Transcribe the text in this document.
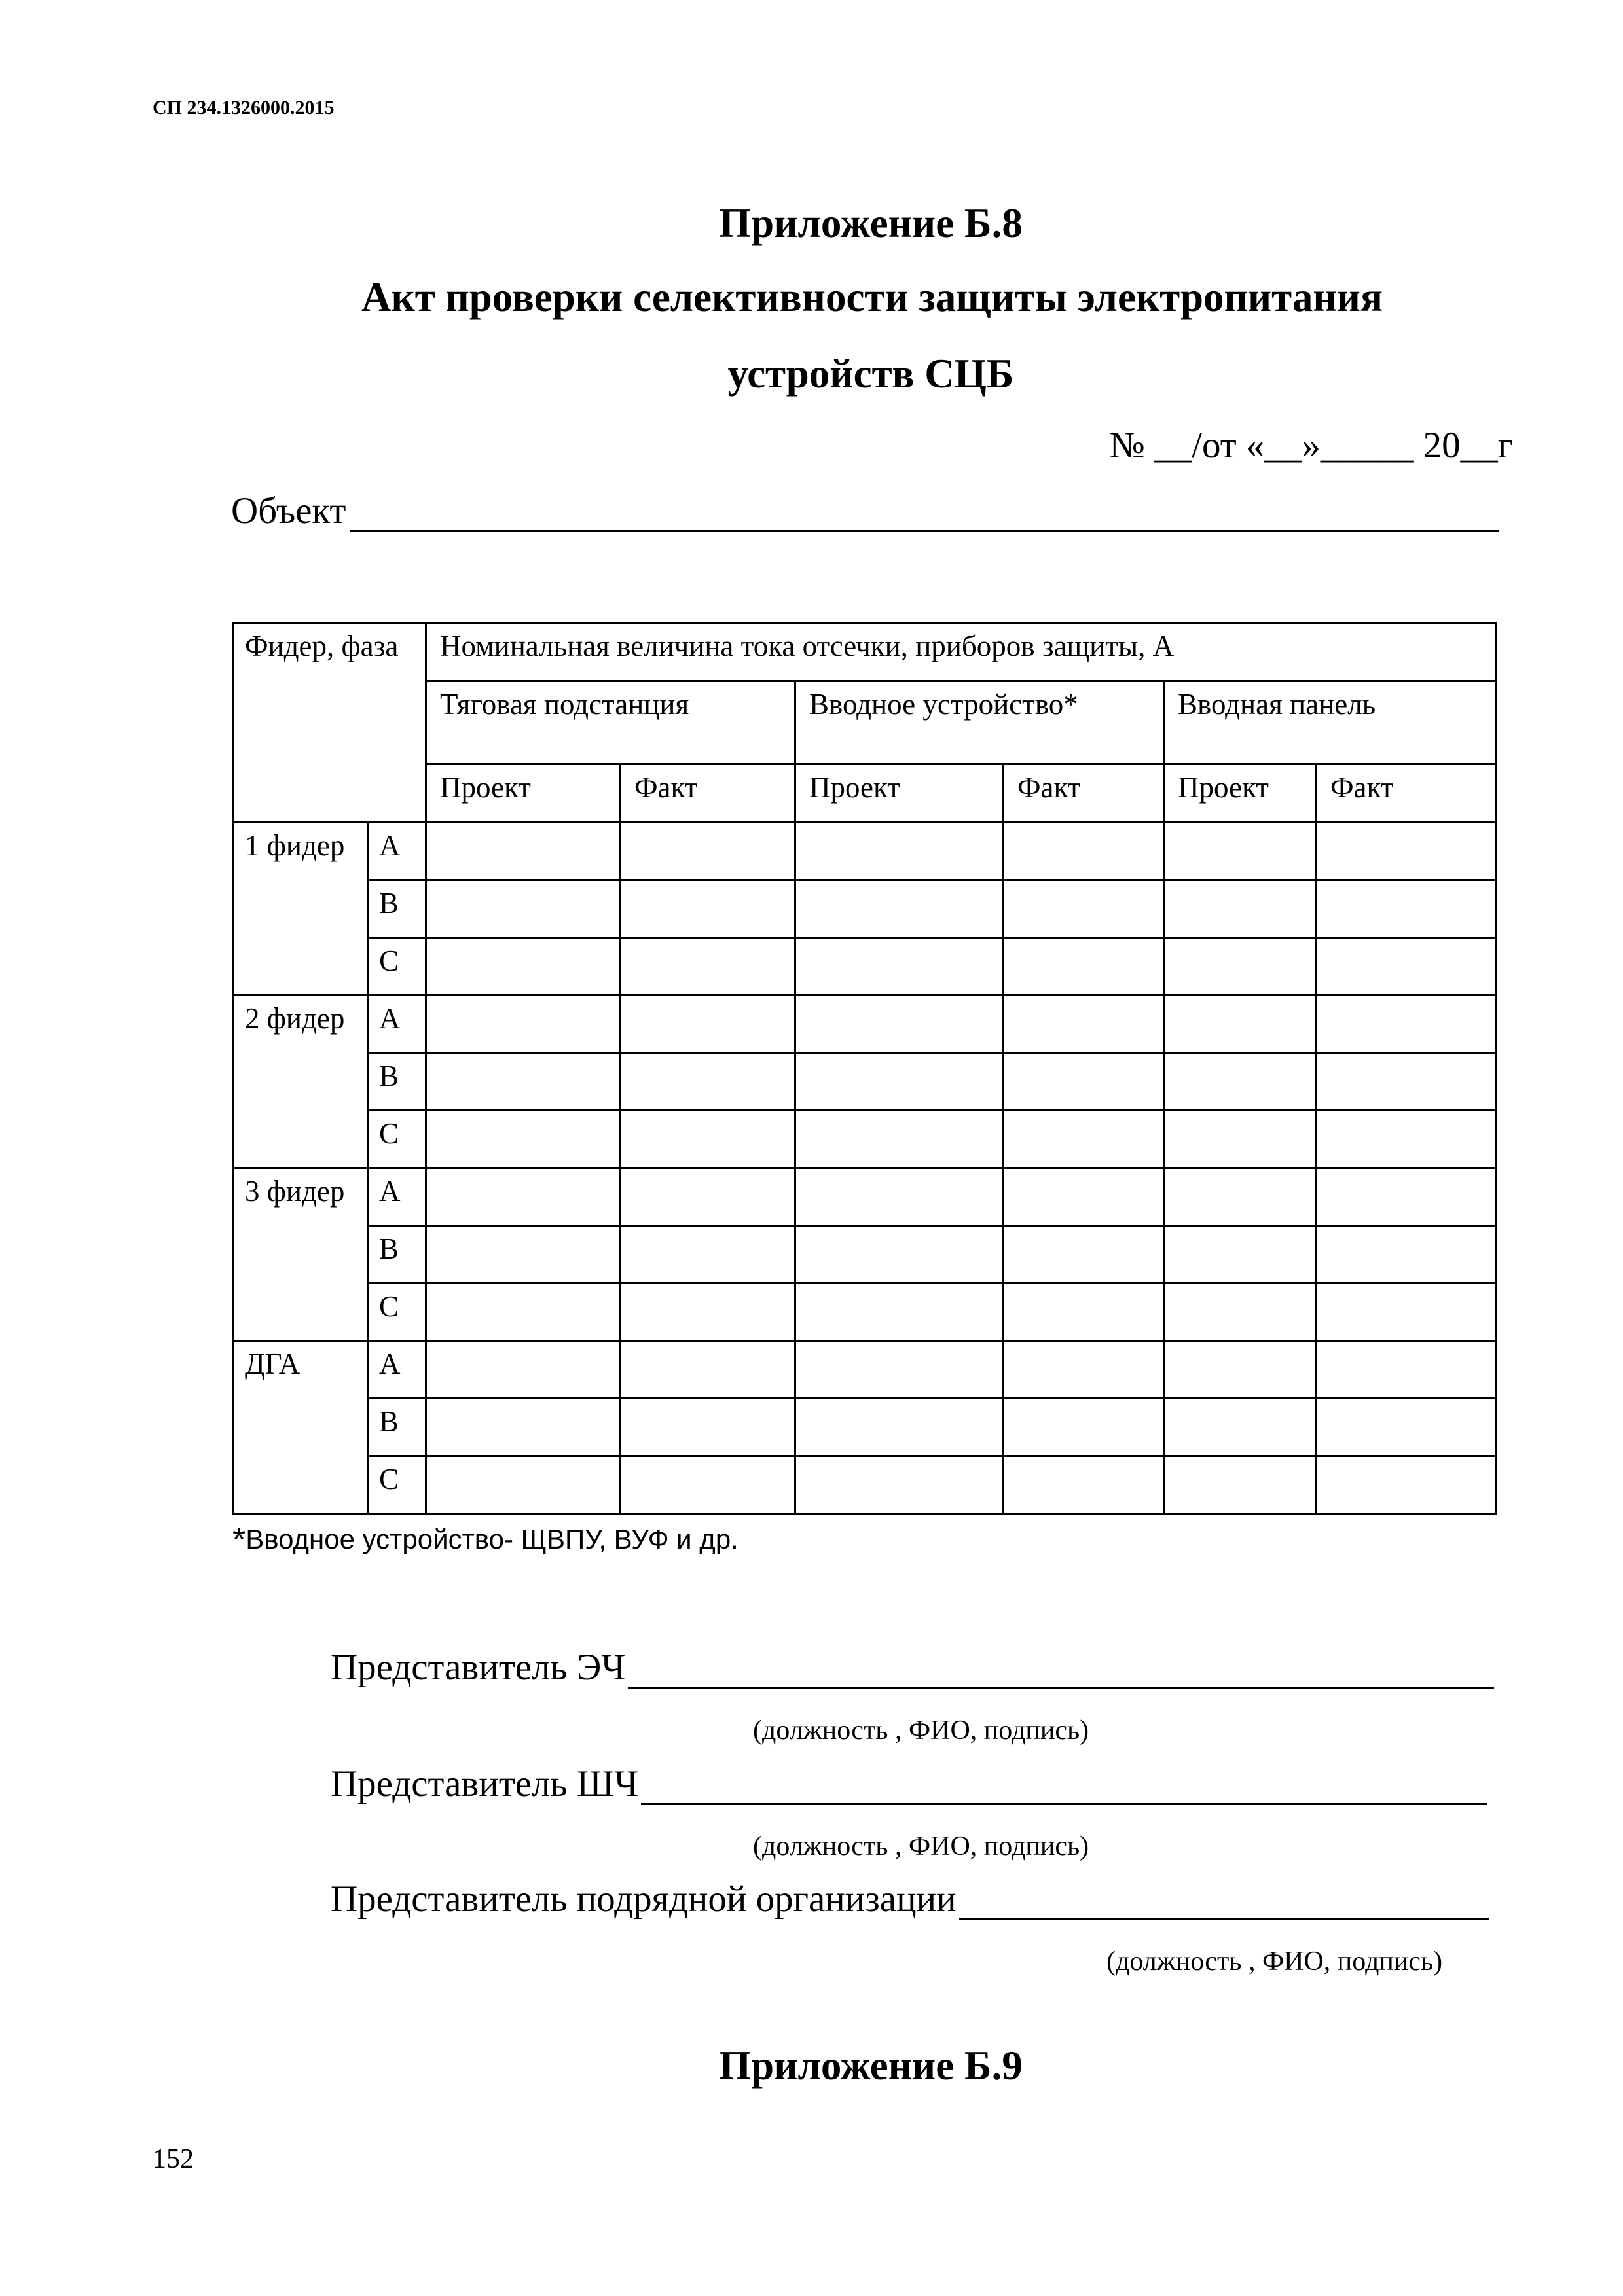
СП 234.1326000.2015
Приложение Б.8
Акт проверки селективности защиты электропитания
устройств СЦБ
№ __/от «__»_____ 20__г
Объект
Фидер, фаза		Номинальная величина тока отсечки, приборов защиты, А					
		Тяговая подстанция		Вводное устройство*		Вводная панель	
		Проект	Факт	Проект	Факт	Проект	Факт
1 фидер	А						
	В						
	С						
2 фидер	А						
	В						
	С						
3 фидер	А						
	В						
	С						
ДГА	А						
	В						
	С						
*Вводное устройство- ЩВПУ, ВУФ и др.
Представитель ЭЧ
(должность , ФИО, подпись)
Представитель ШЧ
(должность , ФИО, подпись)
Представитель подрядной организации
(должность , ФИО, подпись)
Приложение Б.9
152
